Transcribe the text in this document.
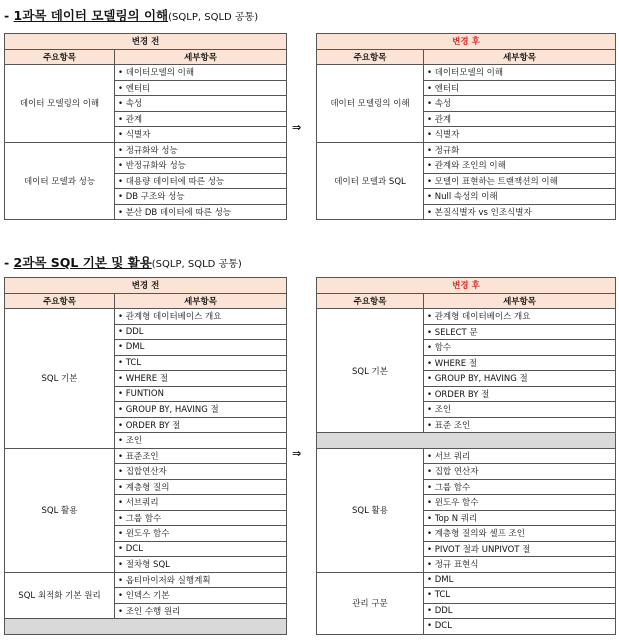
- 1과목 데이터 모델링의 이해(SQLP, SQLD 공통)
변경 전	
주요항목	세부항목
데이터 모델링의 이해	• 데이터모델의 이해
	• 엔터티
	• 속성
	• 관계
	• 식별자
데이터 모델과 성능	• 정규화와 성능
	• 반정규화와 성능
	• 대용량 데이터에 따른 성능
	• DB 구조와 성능
	• 분산 DB 데이터에 따른 성능
⇒
변경 후	
주요항목	세부항목
데이터 모델링의 이해	• 데이터모델의 이해
	• 엔터티
	• 속성
	• 관계
	• 식별자
데이터 모델과 SQL	• 정규화
	• 관계와 조인의 이해
	• 모델이 표현하는 트랜잭션의 이해
	• Null 속성의 이해
	• 본질식별자 vs 인조식별자
- 2과목 SQL 기본 및 활용(SQLP, SQLD 공통)
변경 전	
주요항목	세부항목
SQL 기본	• 관계형 데이터베이스 개요
	• DDL
	• DML
	• TCL
	• WHERE 절
	• FUNTION
	• GROUP BY, HAVING 절
	• ORDER BY 절
	• 조인
SQL 활용	• 표준조인
	• 집합연산자
	• 계층형 질의
	• 서브쿼리
	• 그룹 함수
	• 윈도우 함수
	• DCL
	• 절차형 SQL
SQL 최적화 기본 원리	• 옵티마이저와 실행계획
	• 인덱스 기본
	• 조인 수행 원리

⇒
변경 후	
주요항목	세부항목
SQL 기본	• 관계형 데이터베이스 개요
	• SELECT 문
	• 함수
	• WHERE 절
	• GROUP BY, HAVING 절
	• ORDER BY 절
	• 조인
	• 표준 조인

SQL 활용	• 서브 쿼리
	• 집합 연산자
	• 그룹 함수
	• 윈도우 함수
	• Top N 쿼리
	• 계층형 질의와 셀프 조인
	• PIVOT 절과 UNPIVOT 절
	• 정규 표현식
관리 구문	• DML
	• TCL
	• DDL
	• DCL
